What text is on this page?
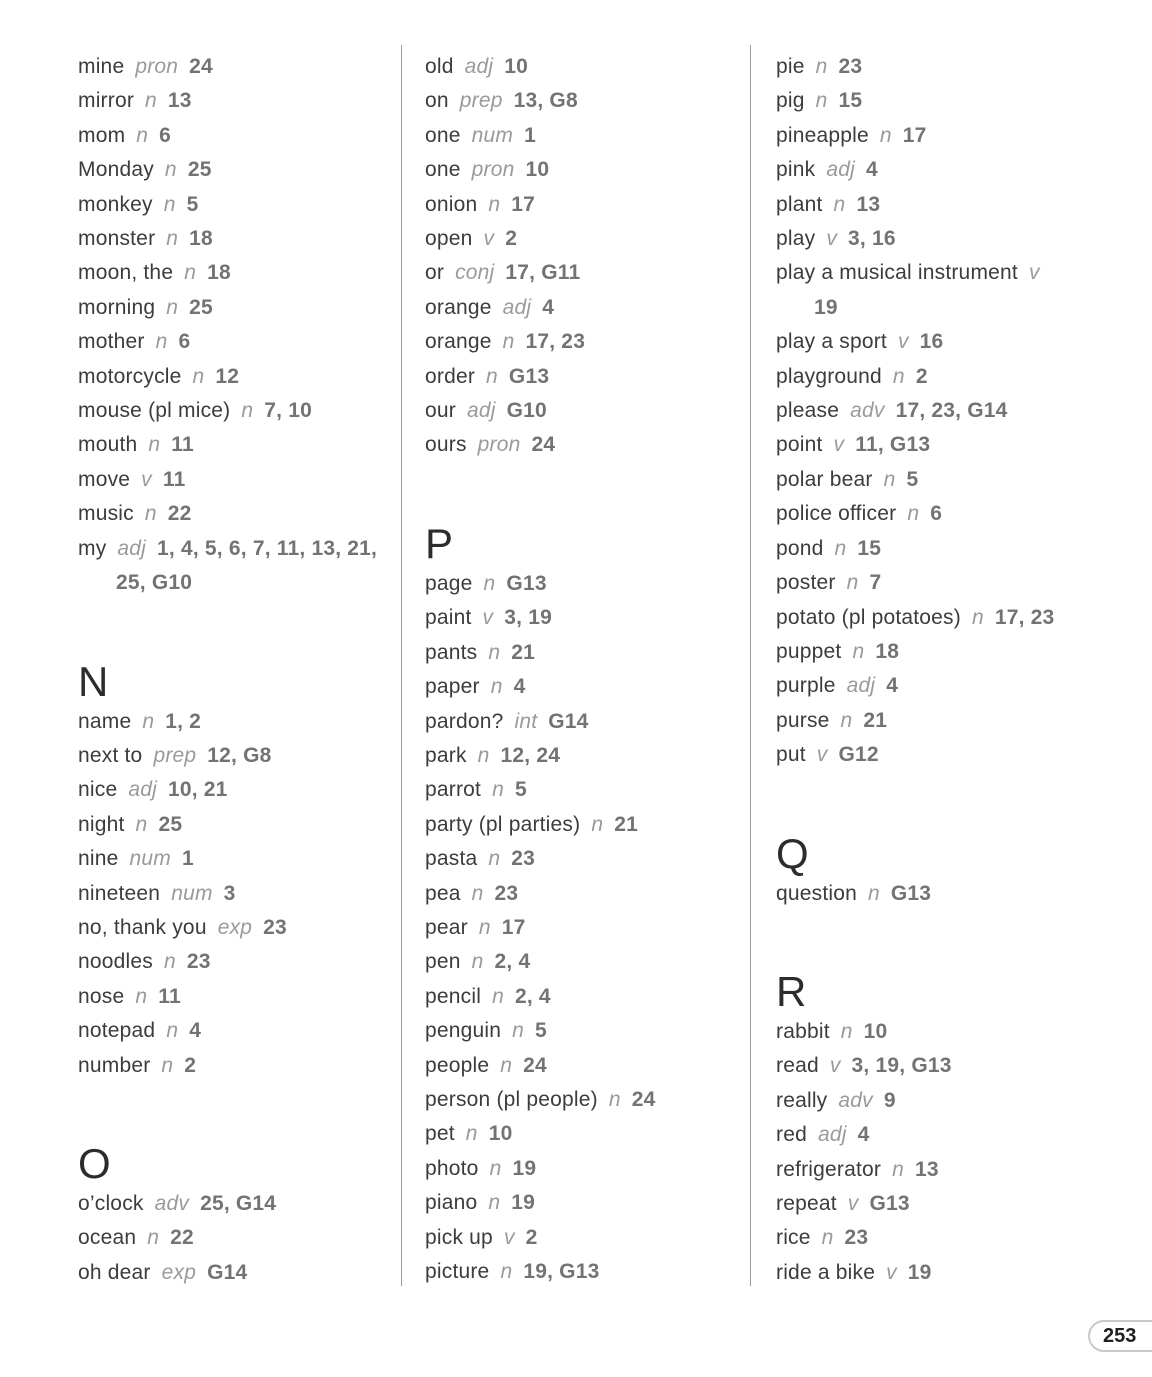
mine pron 24
mirror n 13
mom n 6
Monday n 25
monkey n 5
monster n 18
moon, the n 18
morning n 25
mother n 6
motorcycle n 12
mouse (pl mice) n 7, 10
mouth n 11
move v 11
music n 22
my adj 1, 4, 5, 6, 7, 11, 13, 21, 25, G10
N
name n 1, 2
next to prep 12, G8
nice adj 10, 21
night n 25
nine num 1
nineteen num 3
no, thank you exp 23
noodles n 23
nose n 11
notepad n 4
number n 2
O
o’clock adv 25, G14
ocean n 22
oh dear exp G14
old adj 10
on prep 13, G8
one num 1
one pron 10
onion n 17
open v 2
or conj 17, G11
orange adj 4
orange n 17, 23
order n G13
our adj G10
ours pron 24
P
page n G13
paint v 3, 19
pants n 21
paper n 4
pardon? int G14
park n 12, 24
parrot n 5
party (pl parties) n 21
pasta n 23
pea n 23
pear n 17
pen n 2, 4
pencil n 2, 4
penguin n 5
people n 24
person (pl people) n 24
pet n 10
photo n 19
piano n 19
pick up v 2
picture n 19, G13
pie n 23
pig n 15
pineapple n 17
pink adj 4
plant n 13
play v 3, 16
play a musical instrument v
19
play a sport v 16
playground n 2
please adv 17, 23, G14
point v 11, G13
polar bear n 5
police officer n 6
pond n 15
poster n 7
potato (pl potatoes) n 17, 23
puppet n 18
purple adj 4
purse n 21
put v G12
Q
question n G13
R
rabbit n 10
read v 3, 19, G13
really adv 9
red adj 4
refrigerator n 13
repeat v G13
rice n 23
ride a bike v 19
253
